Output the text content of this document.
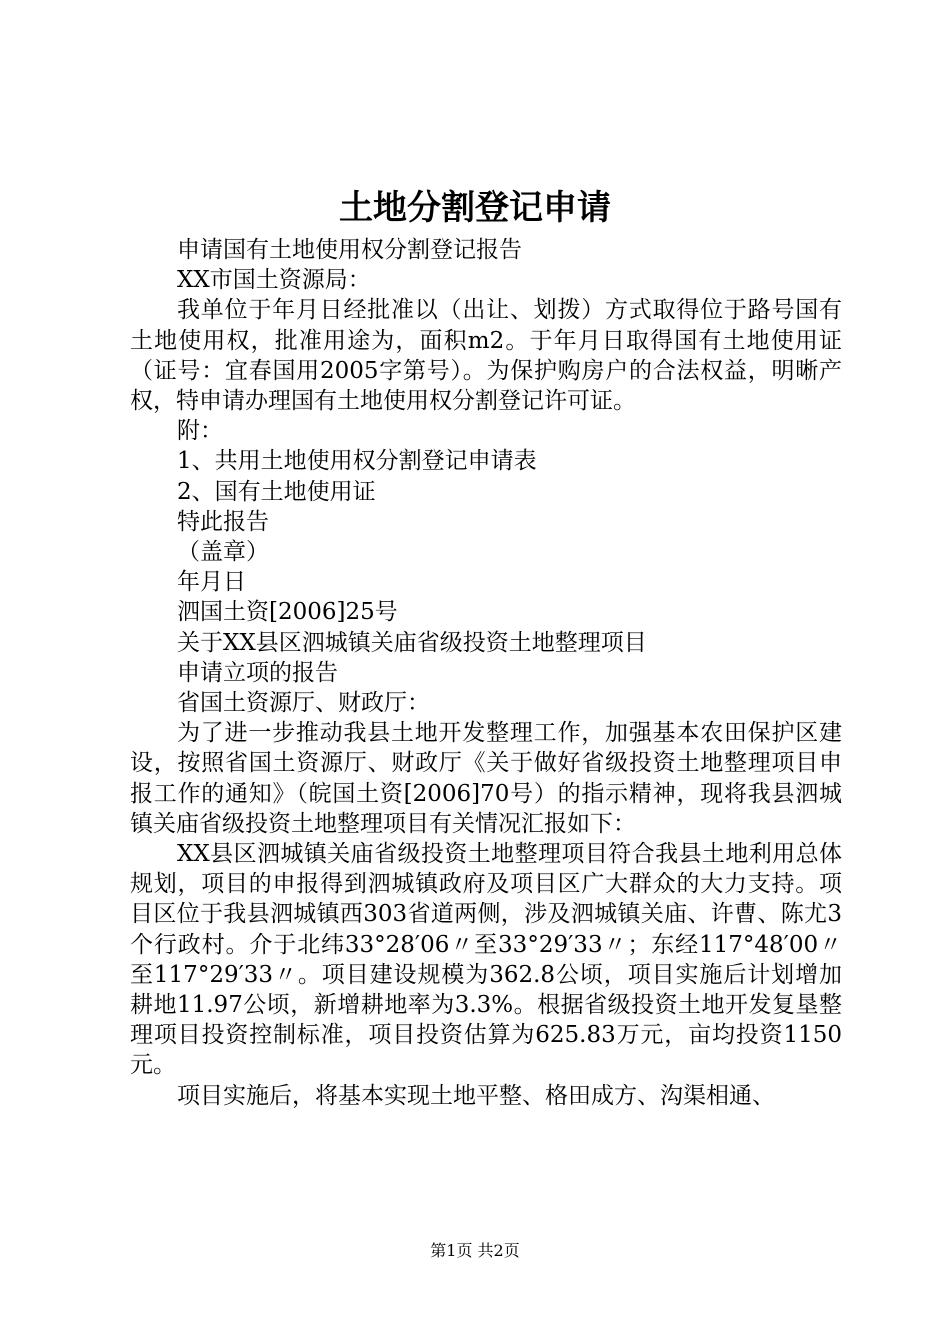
土地分割登记申请
申请国有土地使用权分割登记报告
XX市国土资源局：

我单位于年月日经批准以（出让、划拨）方式取得位于路号国有土地使用权，批准用途为，面积m2。于年月日取得国有土地使用证（证号：宜春国用2005字第号）。为保护购房户的合法权益，明晰产权，特申请办理国有土地使用权分割登记许可证。

附：
1、共用土地使用权分割登记申请表
2、国有土地使用证
特此报告
（盖章）
年月日
泗国土资[2006]25号
关于XX县区泗城镇关庙省级投资土地整理项目
申请立项的报告
省国土资源厅、财政厅：

为了进一步推动我县土地开发整理工作，加强基本农田保护区建设，按照省国土资源厅、财政厅《关于做好省级投资土地整理项目申报工作的通知》（皖国土资[2006]70号）的指示精神，现将我县泗城镇关庙省级投资土地整理项目有关情况汇报如下：

XX县区泗城镇关庙省级投资土地整理项目符合我县土地利用总体规划，项目的申报得到泗城镇政府及项目区广大群众的大力支持。项目区位于我县泗城镇西303省道两侧，涉及泗城镇关庙、许曹、陈尤3个行政村。介于北纬33°28′06〃至33°29′33〃；东经117°48′00〃至117°29′33〃。项目建设规模为362.8公顷，项目实施后计划增加耕地11.97公顷，新增耕地率为3.3%。根据省级投资土地开发复垦整理项目投资控制标准，项目投资估算为625.83万元，亩均投资1150元。

项目实施后，将基本实现土地平整、格田成方、沟渠相通、

第1页 共2页
